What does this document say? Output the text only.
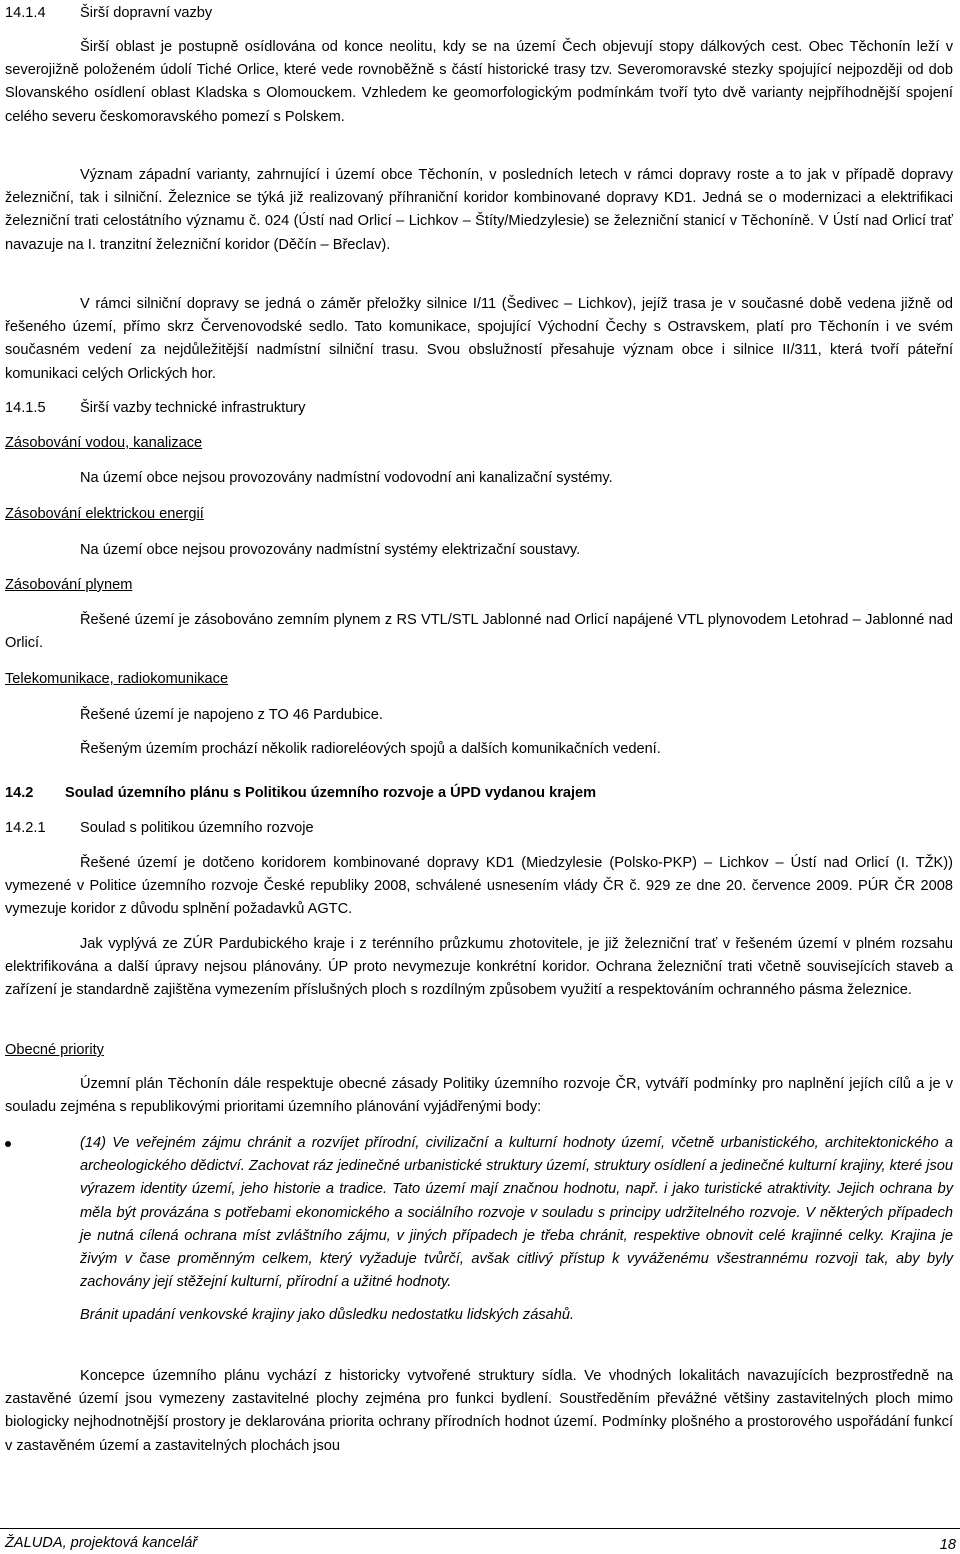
14.1.4 Širší dopravní vazby

Širší oblast je postupně osídlována od konce neolitu, kdy se na území Čech objevují stopy dálkových cest. Obec Těchonín leží v severojižně položeném údolí Tiché Orlice, které vede rovnoběžně s částí historické trasy tzv. Severomoravské stezky spojující nejpozději od dob Slovanského osídlení oblast Kladska s Olomouckem. Vzhledem ke geomorfologickým podmínkám tvoří tyto dvě varianty nejpříhodnější spojení celého severu českomoravského pomezí s Polskem.

Význam západní varianty, zahrnující i území obce Těchonín, v posledních letech v rámci dopravy roste a to jak v případě dopravy železniční, tak i silniční. Železnice se týká již realizovaný příhraniční koridor kombinované dopravy KD1. Jedná se o modernizaci a elektrifikaci železniční trati celostátního významu č. 024 (Ústí nad Orlicí – Lichkov – Štíty/Miedzylesie) se železniční stanicí v Těchoníně. V Ústí nad Orlicí trať navazuje na I. tranzitní železniční koridor (Děčín – Břeclav).

V rámci silniční dopravy se jedná o záměr přeložky silnice I/11 (Šedivec – Lichkov), jejíž trasa je v současné době vedena jižně od řešeného území, přímo skrz Červenovodské sedlo. Tato komunikace, spojující Východní Čechy s Ostravskem, platí pro Těchonín i ve svém současném vedení za nejdůležitější nadmístní silniční trasu. Svou obslužností přesahuje význam obce i silnice II/311, která tvoří páteřní komunikaci celých Orlických hor.

14.1.5 Širší vazby technické infrastruktury

Zásobování vodou, kanalizace

Na území obce nejsou provozovány nadmístní vodovodní ani kanalizační systémy.

Zásobování elektrickou energií

Na území obce nejsou provozovány nadmístní systémy elektrizační soustavy.

Zásobování plynem

Řešené území je zásobováno zemním plynem z RS VTL/STL Jablonné nad Orlicí napájené VTL plynovodem Letohrad – Jablonné nad Orlicí.

Telekomunikace, radiokomunikace

Řešené území je napojeno z TO 46 Pardubice.

Řešeným územím prochází několik radioreléových spojů a dalších komunikačních vedení.

14.2 Soulad územního plánu s Politikou územního rozvoje a ÚPD vydanou krajem

14.2.1 Soulad s politikou územního rozvoje

Řešené území je dotčeno koridorem kombinované dopravy KD1 (Miedzylesie (Polsko-PKP) – Lichkov – Ústí nad Orlicí (I. TŽK)) vymezené v Politice územního rozvoje České republiky 2008, schválené usnesením vlády ČR č. 929 ze dne 20. července 2009. PÚR ČR 2008 vymezuje koridor z důvodu splnění požadavků AGTC.

Jak vyplývá ze ZÚR Pardubického kraje i z terénního průzkumu zhotovitele, je již železniční trať v řešeném území v plném rozsahu elektrifikována a další úpravy nejsou plánovány. ÚP proto nevymezuje konkrétní koridor. Ochrana železniční trati včetně souvisejících staveb a zařízení je standardně zajištěna vymezením příslušných ploch s rozdílným způsobem využití a respektováním ochranného pásma železnice.

Obecné priority

Územní plán Těchonín dále respektuje obecné zásady Politiky územního rozvoje ČR, vytváří podmínky pro naplnění jejích cílů a je v souladu zejména s republikovými prioritami územního plánování vyjádřenými body:

(14) Ve veřejném zájmu chránit a rozvíjet přírodní, civilizační a kulturní hodnoty území, včetně urbanistického, architektonického a archeologického dědictví. Zachovat ráz jedinečné urbanistické struktury území, struktury osídlení a jedinečné kulturní krajiny, které jsou výrazem identity území, jeho historie a tradice. Tato území mají značnou hodnotu, např. i jako turistické atraktivity. Jejich ochrana by měla být provázána s potřebami ekonomického a sociálního rozvoje v souladu s principy udržitelného rozvoje. V některých případech je nutná cílená ochrana míst zvláštního zájmu, v jiných případech je třeba chránit, respektive obnovit celé krajinné celky. Krajina je živým v čase proměnným celkem, který vyžaduje tvůrčí, avšak citlivý přístup k vyváženému všestrannému rozvoji tak, aby byly zachovány její stěžejní kulturní, přírodní a užitné hodnoty.

Bránit upadání venkovské krajiny jako důsledku nedostatku lidských zásahů.

Koncepce územního plánu vychází z historicky vytvořené struktury sídla. Ve vhodných lokalitách navazujících bezprostředně na zastavěné území jsou vymezeny zastavitelné plochy zejména pro funkci bydlení. Soustředěním převážné většiny zastavitelných ploch mimo biologicky nejhodnotnější prostory je deklarována priorita ochrany přírodních hodnot území. Podmínky plošného a prostorového uspořádání funkcí v zastavěném území a zastavitelných plochách jsou

ŽALUDA, projektová kancelář	18
